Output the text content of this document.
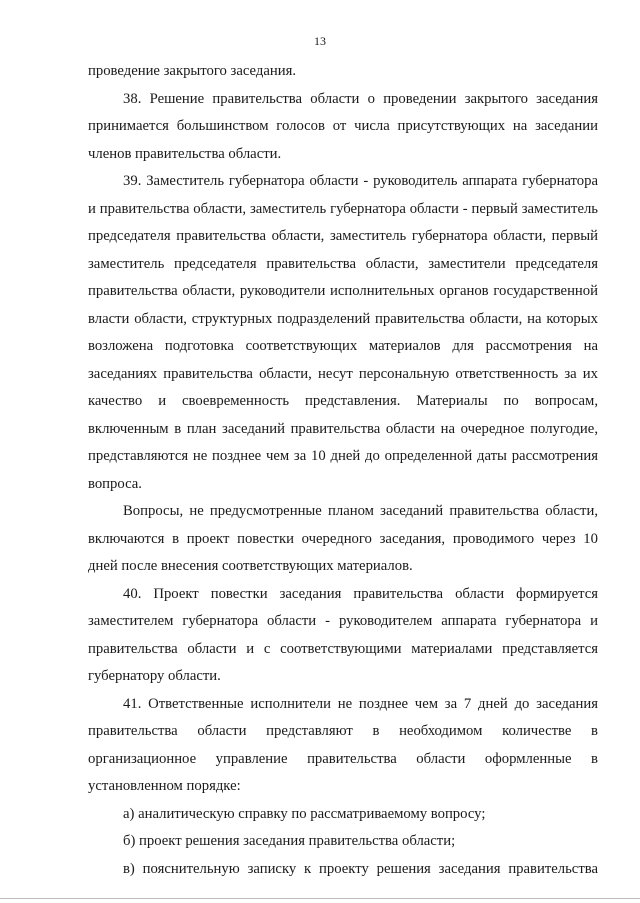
13

проведение закрытого заседания.

38. Решение правительства области о проведении закрытого заседания принимается большинством голосов от числа присутствующих на заседании членов правительства области.

39. Заместитель губернатора области - руководитель аппарата губернатора и правительства области, заместитель губернатора области - первый заместитель председателя правительства области, заместитель губернатора области, первый заместитель председателя правительства области, заместители председателя правительства области, руководители исполнительных органов государственной власти области, структурных подразделений правительства области, на которых возложена подготовка соответствующих материалов для рассмотрения на заседаниях правительства области, несут персональную ответственность за их качество и своевременность представления. Материалы по вопросам, включенным в план заседаний правительства области на очередное полугодие, представляются не позднее чем за 10 дней до определенной даты рассмотрения вопроса.

Вопросы, не предусмотренные планом заседаний правительства области, включаются в проект повестки очередного заседания, проводимого через 10 дней после внесения соответствующих материалов.

40. Проект повестки заседания правительства области формируется заместителем губернатора области - руководителем аппарата губернатора и правительства области и с соответствующими материалами представляется губернатору области.

41. Ответственные исполнители не позднее чем за 7 дней до заседания правительства области представляют в необходимом количестве в организационное управление правительства области оформленные в установленном порядке:

а) аналитическую справку по рассматриваемому вопросу;

б) проект решения заседания правительства области;

в) пояснительную записку к проекту решения заседания правительства
